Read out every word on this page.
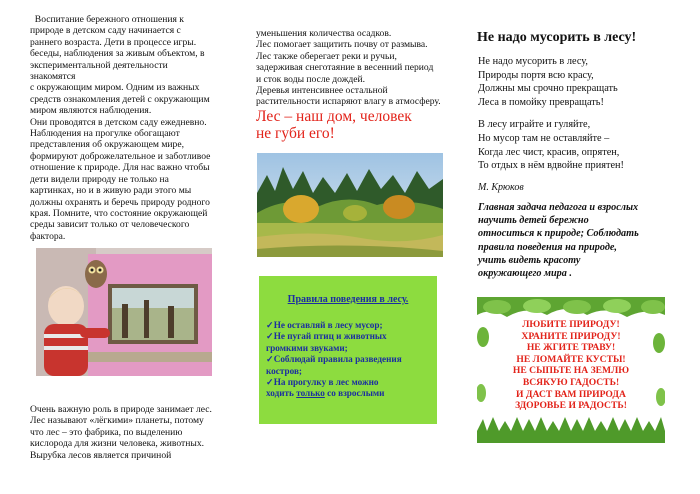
Воспитание бережного отношения к

природе в детском саду начинается с

раннего возраста. Дети в процессе игры.

беседы, наблюдения за живым объектом, в

экспериментальной деятельности знакомятся

с окружающим миром. Одним из важных

средств ознакомления детей с окружающим

миром являются наблюдения.

Они проводятся в детском саду ежедневно.

Наблюдения на прогулке обогащают

представления об окружающем мире,

формируют доброжелательное и заботливое

отношение к природе. Для нас важно чтобы

дети видели природу не только на

картинках, но и в живую ради этого мы

должны охранять и беречь природу родного

края. Помните, что состояние окружающей

среды зависит только от человеческого

фактора.

Очень важную роль в природе занимает лес.

Лес называют «лёгкими» планеты, потому

что лес – это фабрика, по выделению

кислорода для жизни человека, животных.

Вырубка лесов является причиной

уменьшения количества осадков.

Лес помогает защитить почву от размыва.

Лес также оберегает реки и ручьи,

задерживая снеготаяние в весенний период

и сток воды после дождей.

Деревья интенсивнее остальной

растительности испаряют влагу в атмосферу.

Лес – наш дом, человек
не губи его!
Правила поведения в лесу.

✓Не оставляй в лесу мусор;

✓Не пугай птиц и животных

громкими звуками;

✓Соблюдай правила разведения

костров;

✓На прогулку в лес можно

ходить только со взрослыми

Не надо мусорить в лесу!
Не надо мусорить в лесу,
Природы портя всю красу,
Должны мы срочно прекращать
Леса в помойку превращать!
В лесу играйте и гуляйте,
Но мусор там не оставляйте –
Когда лес чист, красив, опрятен,
То отдых в нём вдвойне приятен!
М. Крюков
Главная задача педагога и взрослых
научить детей бережно
относиться к природе; Соблюдать
правила поведения на природе,
учить видеть красоту
окружающего мира .

ЛЮБИТЕ ПРИРОДУ!

ХРАНИТЕ ПРИРОДУ!

НЕ ЖГИТЕ ТРАВУ!

НЕ ЛОМАЙТЕ КУСТЫ!

НЕ СЫПЬТЕ НА ЗЕМЛЮ

ВСЯКУЮ ГАДОСТЬ!

И ДАСТ ВАМ ПРИРОДА

ЗДОРОВЬЕ И РАДОСТЬ!
